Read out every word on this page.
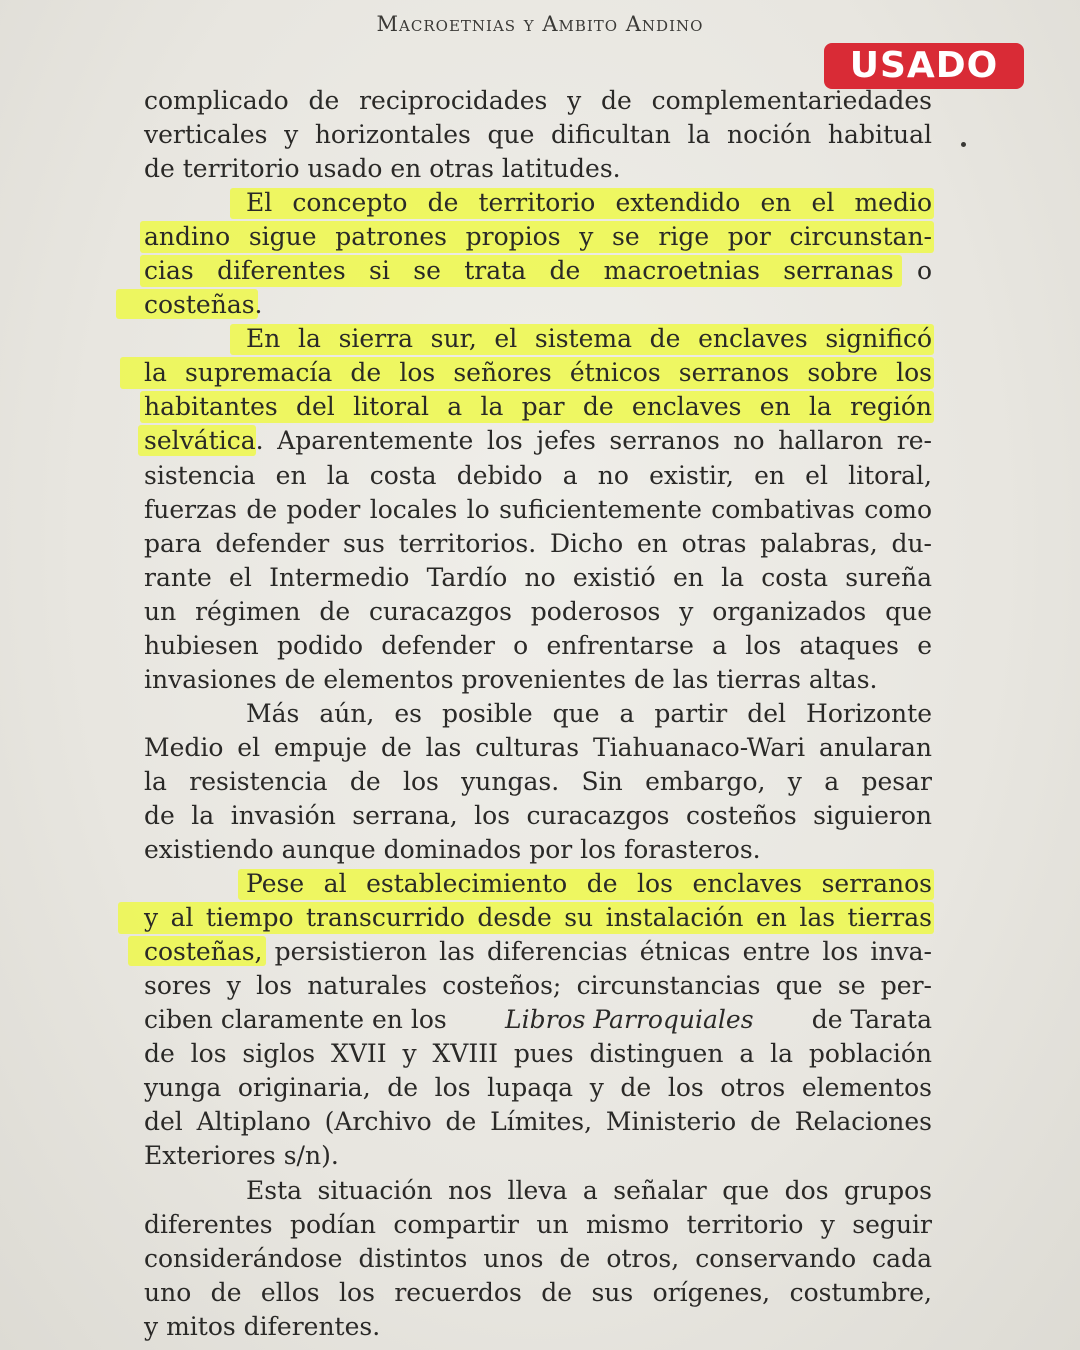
Macroetnias y Ambito Andino
USADO
complicado de reciprocidades y de complementariedades
verticales y horizontales que dificultan la noción habitual
de territorio usado en otras latitudes.
El concepto de territorio extendido en el medio
andino sigue patrones propios y se rige por circunstan-
cias diferentes si se trata de macroetnias serranas o
costeñas.
En la sierra sur, el sistema de enclaves significó
la supremacía de los señores étnicos serranos sobre los
habitantes del litoral a la par de enclaves en la región
selvática. Aparentemente los jefes serranos no hallaron re-
sistencia en la costa debido a no existir, en el litoral,
fuerzas de poder locales lo suficientemente combativas como
para defender sus territorios. Dicho en otras palabras, du-
rante el Intermedio Tardío no existió en la costa sureña
un régimen de curacazgos poderosos y organizados que
hubiesen podido defender o enfrentarse a los ataques e
invasiones de elementos provenientes de las tierras altas.
Más aún, es posible que a partir del Horizonte
Medio el empuje de las culturas Tiahuanaco-Wari anularan
la resistencia de los yungas. Sin embargo, y a pesar
de la invasión serrana, los curacazgos costeños siguieron
existiendo aunque dominados por los forasteros.
Pese al establecimiento de los enclaves serranos
y al tiempo transcurrido desde su instalación en las tierras
costeñas, persistieron las diferencias étnicas entre los inva-
sores y los naturales costeños; circunstancias que se per-
ciben claramente en los Libros Parroquiales de Tarata
de los siglos XVII y XVIII pues distinguen a la población
yunga originaria, de los lupaqa y de los otros elementos
del Altiplano (Archivo de Límites, Ministerio de Relaciones
Exteriores s/n).
Esta situación nos lleva a señalar que dos grupos
diferentes podían compartir un mismo territorio y seguir
considerándose distintos unos de otros, conservando cada
uno de ellos los recuerdos de sus orígenes, costumbre,
y mitos diferentes.
